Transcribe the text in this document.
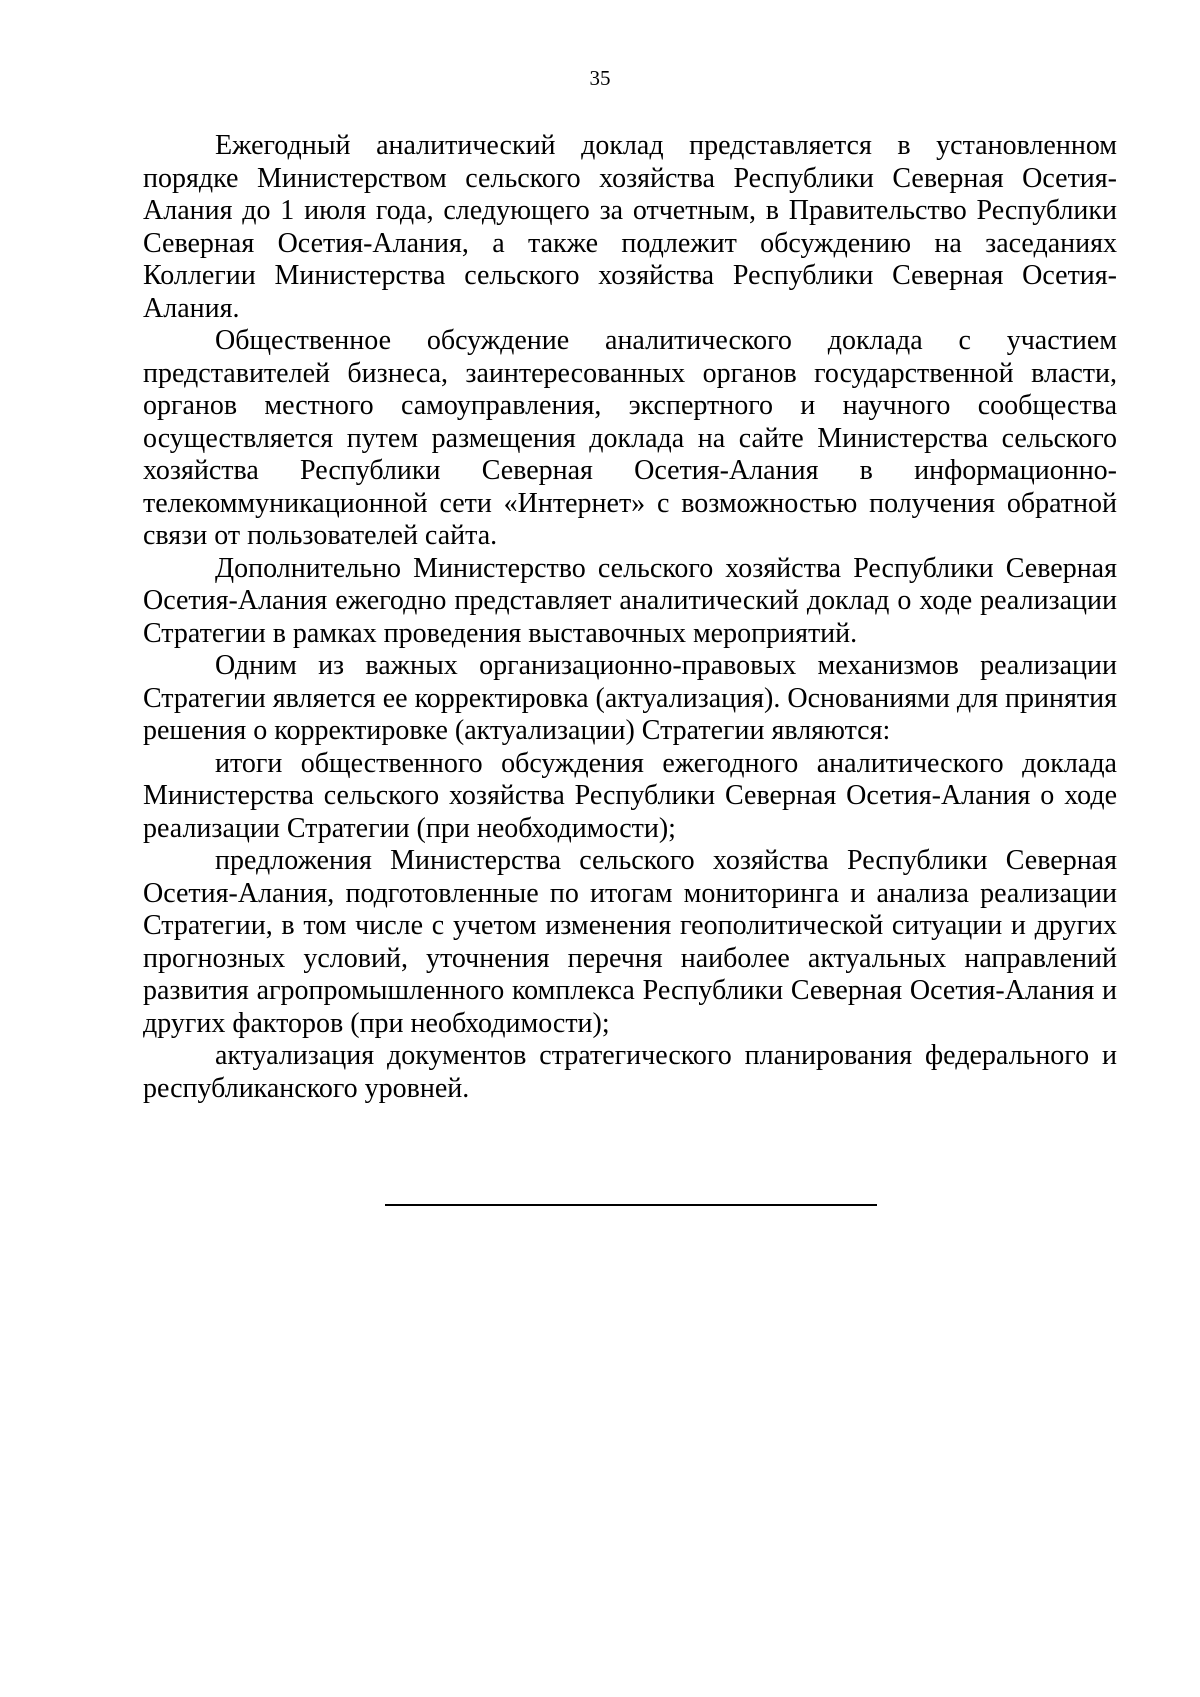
35

Ежегодный аналитический доклад представляется в установленном порядке Министерством сельского хозяйства Республики Северная Осетия-Алания до 1 июля года, следующего за отчетным, в Правительство Республики Северная Осетия-Алания, а также подлежит обсуждению на заседаниях Коллегии Министерства сельского хозяйства Республики Северная Осетия-Алания.

Общественное обсуждение аналитического доклада с участием представителей бизнеса, заинтересованных органов государственной власти, органов местного самоуправления, экспертного и научного сообщества осуществляется путем размещения доклада на сайте Министерства сельского хозяйства Республики Северная Осетия-Алания в информационно-телекоммуникационной сети «Интернет» с возможностью получения обратной связи от пользователей сайта.

Дополнительно Министерство сельского хозяйства Республики Северная Осетия-Алания ежегодно представляет аналитический доклад о ходе реализации Стратегии в рамках проведения выставочных мероприятий.

Одним из важных организационно-правовых механизмов реализации Стратегии является ее корректировка (актуализация). Основаниями для принятия решения о корректировке (актуализации) Стратегии являются:

итоги общественного обсуждения ежегодного аналитического доклада Министерства сельского хозяйства Республики Северная Осетия-Алания о ходе реализации Стратегии (при необходимости);

предложения Министерства сельского хозяйства Республики Северная Осетия-Алания, подготовленные по итогам мониторинга и анализа реализации Стратегии, в том числе с учетом изменения геополитической ситуации и других прогнозных условий, уточнения перечня наиболее актуальных направлений развития агропромышленного комплекса Республики Северная Осетия-Алания и других факторов (при необходимости);

актуализация документов стратегического планирования федерального и республиканского уровней.
